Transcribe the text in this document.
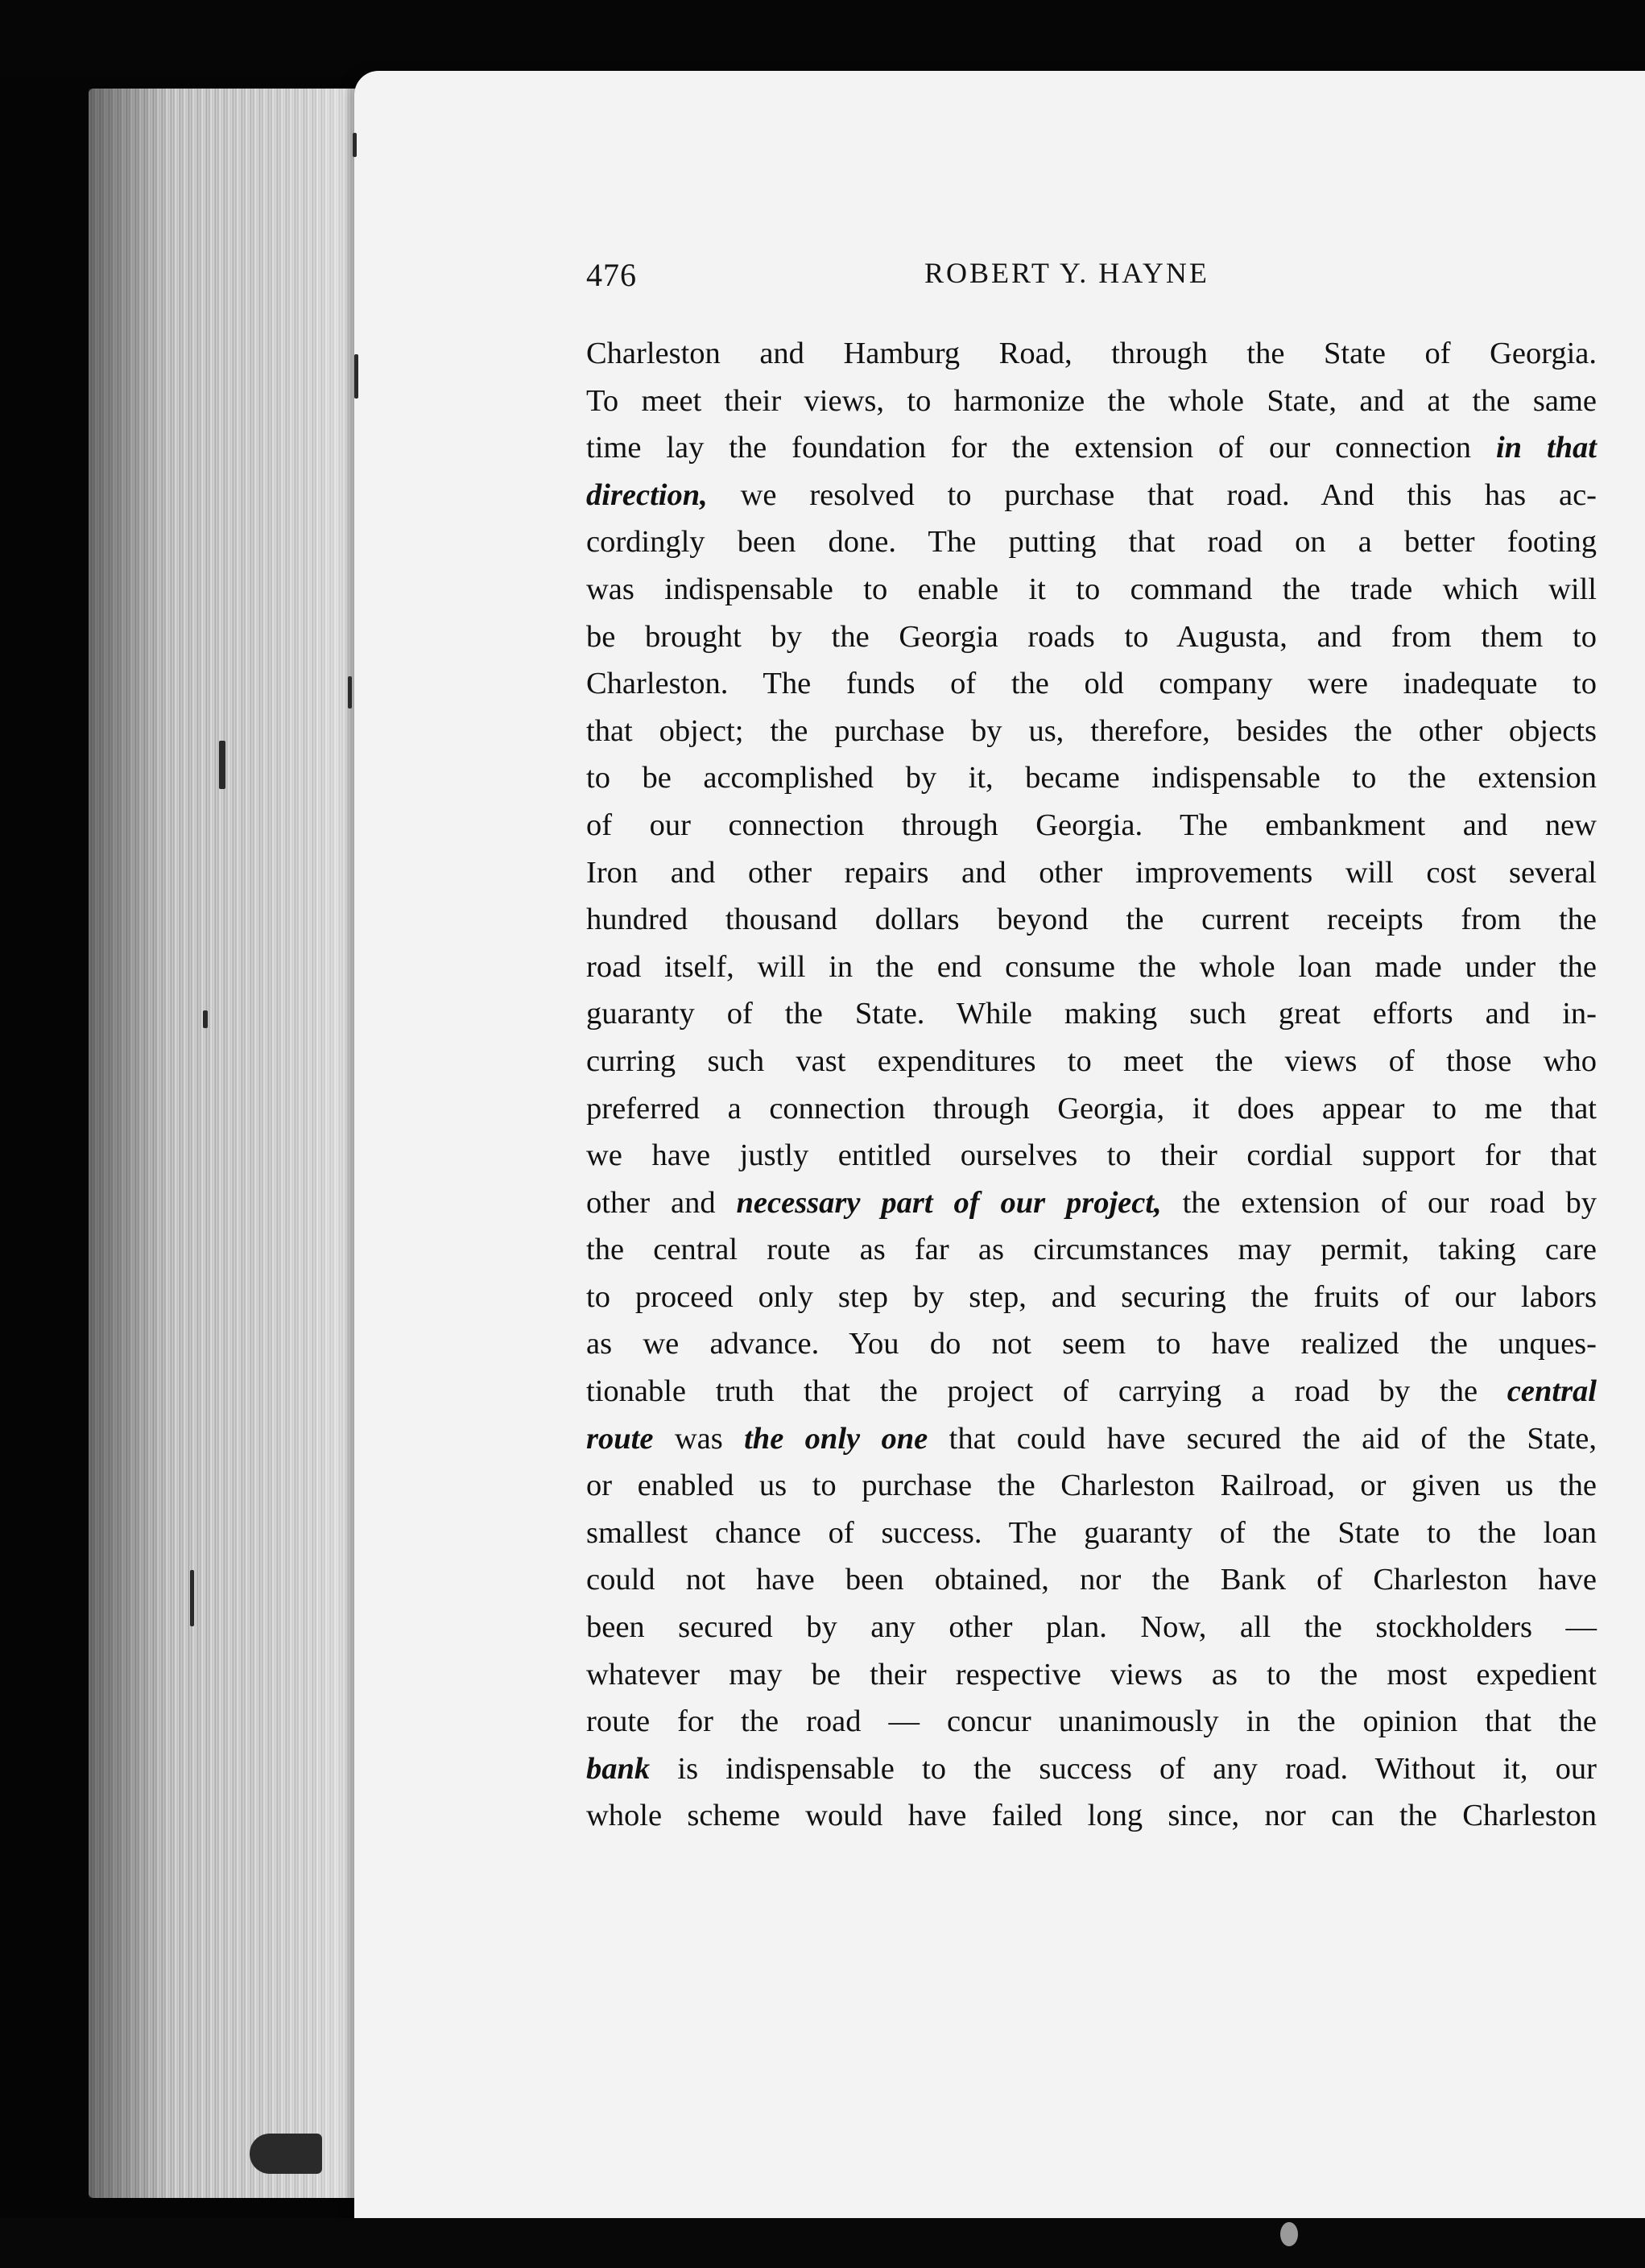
476	ROBERT Y. HAYNE
Charleston and Hamburg Road, through the State of Georgia.
To meet their views, to harmonize the whole State, and at the same
time lay the foundation for the extension of our connection in that
direction, we resolved to purchase that road. And this has ac-
cordingly been done. The putting that road on a better footing
was indispensable to enable it to command the trade which will
be brought by the Georgia roads to Augusta, and from them to
Charleston. The funds of the old company were inadequate to
that object; the purchase by us, therefore, besides the other objects
to be accomplished by it, became indispensable to the extension
of our connection through Georgia. The embankment and new
Iron and other repairs and other improvements will cost several
hundred thousand dollars beyond the current receipts from the
road itself, will in the end consume the whole loan made under the
guaranty of the State. While making such great efforts and in-
curring such vast expenditures to meet the views of those who
preferred a connection through Georgia, it does appear to me that
we have justly entitled ourselves to their cordial support for that
other and necessary part of our project, the extension of our road by
the central route as far as circumstances may permit, taking care
to proceed only step by step, and securing the fruits of our labors
as we advance. You do not seem to have realized the unques-
tionable truth that the project of carrying a road by the central
route was the only one that could have secured the aid of the State,
or enabled us to purchase the Charleston Railroad, or given us the
smallest chance of success. The guaranty of the State to the loan
could not have been obtained, nor the Bank of Charleston have
been secured by any other plan. Now, all the stockholders —
whatever may be their respective views as to the most expedient
route for the road — concur unanimously in the opinion that the
bank is indispensable to the success of any road. Without it, our
whole scheme would have failed long since, nor can the Charleston
